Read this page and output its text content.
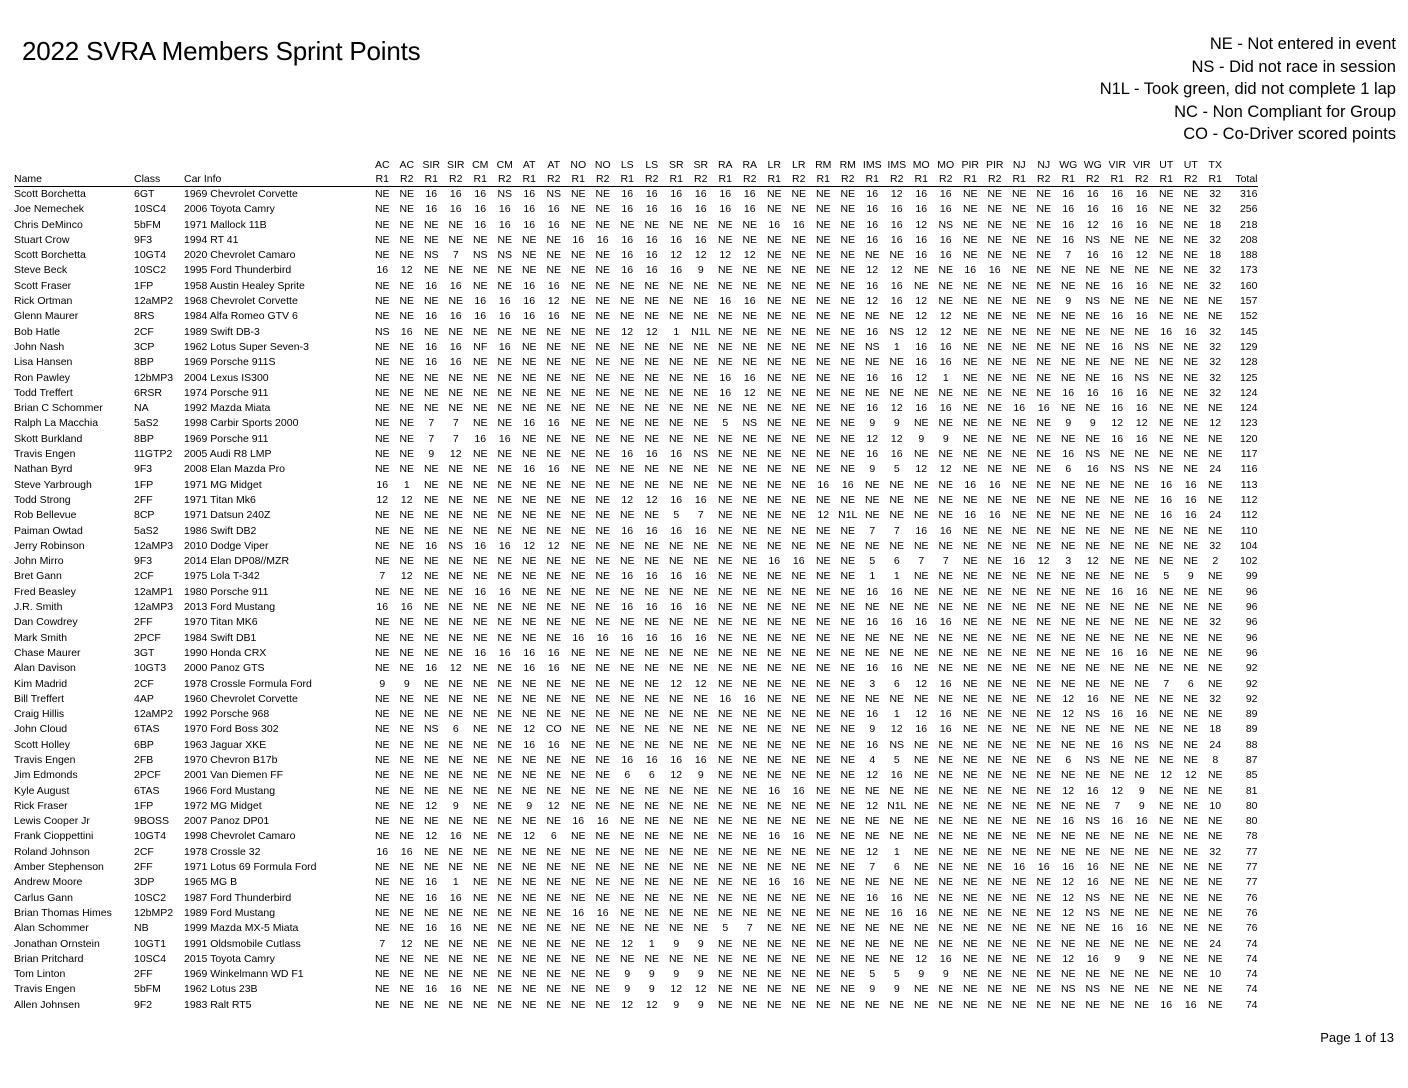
2022 SVRA Members Sprint Points	NE - Not entered in event
NS - Did not race in session
N1L - Took green, did not complete 1 lap
NC - Non Compliant for Group
CO - Co-Driver scored points
			AC	AC	SIR	SIR	CM	CM	AT	AT	NO	NO	LS	LS	SR	SR	RA	RA	LR	LR	RM	RM	IMS	IMS	MO	MO	PIR	PIR	NJ	NJ	WG	WG	VIR	VIR	UT	UT	TX	
Name	Class	Car Info	R1	R2	R1	R2	R1	R2	R1	R2	R1	R2	R1	R2	R1	R2	R1	R2	R1	R2	R1	R2	R1	R2	R1	R2	R1	R2	R1	R2	R1	R2	R1	R2	R1	R2	R1	Total
Scott Borchetta	6GT	1969 Chevrolet Corvette	NE	NE	16	16	16	NS	16	NS	NE	NE	16	16	16	16	16	16	NE	NE	NE	NE	16	12	16	16	NE	NE	NE	NE	16	16	16	16	NE	NE	32	316
Joe Nemechek	10SC4	2006 Toyota Camry	NE	NE	16	16	16	16	16	16	NE	NE	16	16	16	16	16	16	NE	NE	NE	NE	16	16	16	16	NE	NE	NE	NE	16	16	16	16	NE	NE	32	256
Chris DeMinco	5bFM	1971 Mallock 11B	NE	NE	NE	NE	16	16	16	16	NE	NE	NE	NE	NE	NE	NE	NE	16	16	NE	NE	16	16	12	NS	NE	NE	NE	NE	16	12	16	16	NE	NE	18	218
Stuart Crow	9F3	1994 RT 41	NE	NE	NE	NE	NE	NE	NE	NE	16	16	16	16	16	16	NE	NE	NE	NE	NE	NE	16	16	16	16	NE	NE	NE	NE	16	NS	NE	NE	NE	NE	32	208
Scott Borchetta	10GT4	2020 Chevrolet Camaro	NE	NE	NS	7	NS	NS	NE	NE	NE	NE	16	16	12	12	12	12	NE	NE	NE	NE	NE	NE	16	16	NE	NE	NE	NE	7	16	16	12	NE	NE	18	188
Steve Beck	10SC2	1995 Ford Thunderbird	16	12	NE	NE	NE	NE	NE	NE	NE	NE	16	16	16	9	NE	NE	NE	NE	NE	NE	12	12	NE	NE	16	16	NE	NE	NE	NE	NE	NE	NE	NE	32	173
Scott Fraser	1FP	1958 Austin Healey Sprite	NE	NE	16	16	NE	NE	16	16	NE	NE	NE	NE	NE	NE	NE	NE	NE	NE	NE	NE	16	16	NE	NE	NE	NE	NE	NE	NE	NE	16	16	NE	NE	32	160
Rick Ortman	12aMP2	1968 Chevrolet Corvette	NE	NE	NE	NE	16	16	16	12	NE	NE	NE	NE	NE	NE	16	16	NE	NE	NE	NE	12	16	12	NE	NE	NE	NE	NE	9	NS	NE	NE	NE	NE	NE	157
Glenn Maurer	8RS	1984 Alfa Romeo GTV 6	NE	NE	16	16	16	16	16	16	NE	NE	NE	NE	NE	NE	NE	NE	NE	NE	NE	NE	NE	NE	12	12	NE	NE	NE	NE	NE	NE	16	16	NE	NE	NE	152
Bob Hatle	2CF	1989 Swift DB-3	NS	16	NE	NE	NE	NE	NE	NE	NE	NE	12	12	1	N1L	NE	NE	NE	NE	NE	NE	16	NS	12	12	NE	NE	NE	NE	NE	NE	NE	NE	16	16	32	145
John Nash	3CP	1962 Lotus Super Seven-3	NE	NE	16	16	NF	16	NE	NE	NE	NE	NE	NE	NE	NE	NE	NE	NE	NE	NE	NE	NS	1	16	16	NE	NE	NE	NE	NE	NE	16	NS	NE	NE	32	129
Lisa Hansen	8BP	1969 Porsche 911S	NE	NE	16	16	NE	NE	NE	NE	NE	NE	NE	NE	NE	NE	NE	NE	NE	NE	NE	NE	NE	NE	16	16	NE	NE	NE	NE	NE	NE	NE	NE	NE	NE	32	128
Ron Pawley	12bMP3	2004 Lexus IS300	NE	NE	NE	NE	NE	NE	NE	NE	NE	NE	NE	NE	NE	NE	16	16	NE	NE	NE	NE	16	16	12	1	NE	NE	NE	NE	NE	NE	16	NS	NE	NE	32	125
Todd Treffert	6RSR	1974 Porsche 911	NE	NE	NE	NE	NE	NE	NE	NE	NE	NE	NE	NE	NE	NE	16	12	NE	NE	NE	NE	NE	NE	NE	NE	NE	NE	NE	NE	16	16	16	16	NE	NE	32	124
Brian C Schommer	NA	1992 Mazda Miata	NE	NE	NE	NE	NE	NE	NE	NE	NE	NE	NE	NE	NE	NE	NE	NE	NE	NE	NE	NE	16	12	16	16	NE	NE	16	16	NE	NE	16	16	NE	NE	NE	124
Ralph La Macchia	5aS2	1998 Carbir Sports 2000	NE	NE	7	7	NE	NE	16	16	NE	NE	NE	NE	NE	NE	5	NS	NE	NE	NE	NE	9	9	NE	NE	NE	NE	NE	NE	9	9	12	12	NE	NE	12	123
Skott Burkland	8BP	1969 Porsche 911	NE	NE	7	7	16	16	NE	NE	NE	NE	NE	NE	NE	NE	NE	NE	NE	NE	NE	NE	12	12	9	9	NE	NE	NE	NE	NE	NE	16	16	NE	NE	NE	120
Travis Engen	11GTP2	2005 Audi R8 LMP	NE	NE	9	12	NE	NE	NE	NE	NE	NE	16	16	16	NS	NE	NE	NE	NE	NE	NE	16	16	NE	NE	NE	NE	NE	NE	16	NS	NE	NE	NE	NE	NE	117
Nathan Byrd	9F3	2008 Elan Mazda Pro	NE	NE	NE	NE	NE	NE	16	16	NE	NE	NE	NE	NE	NE	NE	NE	NE	NE	NE	NE	9	5	12	12	NE	NE	NE	NE	6	16	NS	NS	NE	NE	24	116
Steve Yarbrough	1FP	1971 MG Midget	16	1	NE	NE	NE	NE	NE	NE	NE	NE	NE	NE	NE	NE	NE	NE	NE	NE	16	16	NE	NE	NE	NE	16	16	NE	NE	NE	NE	NE	NE	16	16	NE	113
Todd Strong	2FF	1971 Titan Mk6	12	12	NE	NE	NE	NE	NE	NE	NE	NE	12	12	16	16	NE	NE	NE	NE	NE	NE	NE	NE	NE	NE	NE	NE	NE	NE	NE	NE	NE	NE	16	16	NE	112
Rob Bellevue	8CP	1971 Datsun 240Z	NE	NE	NE	NE	NE	NE	NE	NE	NE	NE	NE	NE	5	7	NE	NE	NE	NE	12	N1L	NE	NE	NE	NE	16	16	NE	NE	NE	NE	NE	NE	16	16	24	112
Paiman Owtad	5aS2	1986 Swift DB2	NE	NE	NE	NE	NE	NE	NE	NE	NE	NE	16	16	16	16	NE	NE	NE	NE	NE	NE	7	7	16	16	NE	NE	NE	NE	NE	NE	NE	NE	NE	NE	NE	110
Jerry Robinson	12aMP3	2010 Dodge Viper	NE	NE	16	NS	16	16	12	12	NE	NE	NE	NE	NE	NE	NE	NE	NE	NE	NE	NE	NE	NE	NE	NE	NE	NE	NE	NE	NE	NE	NE	NE	NE	NE	32	104
John Mirro	9F3	2014 Elan DP08//MZR	NE	NE	NE	NE	NE	NE	NE	NE	NE	NE	NE	NE	NE	NE	NE	NE	16	16	NE	NE	5	6	7	7	NE	NE	16	12	3	12	NE	NE	NE	NE	2	102
Bret Gann	2CF	1975 Lola T-342	7	12	NE	NE	NE	NE	NE	NE	NE	NE	16	16	16	16	NE	NE	NE	NE	NE	NE	1	1	NE	NE	NE	NE	NE	NE	NE	NE	NE	NE	5	9	NE	99
Fred Beasley	12aMP1	1980 Porsche 911	NE	NE	NE	NE	16	16	NE	NE	NE	NE	NE	NE	NE	NE	NE	NE	NE	NE	NE	NE	16	16	NE	NE	NE	NE	NE	NE	NE	NE	16	16	NE	NE	NE	96
J.R. Smith	12aMP3	2013 Ford Mustang	16	16	NE	NE	NE	NE	NE	NE	NE	NE	16	16	16	16	NE	NE	NE	NE	NE	NE	NE	NE	NE	NE	NE	NE	NE	NE	NE	NE	NE	NE	NE	NE	NE	96
Dan Cowdrey	2FF	1970 Titan MK6	NE	NE	NE	NE	NE	NE	NE	NE	NE	NE	NE	NE	NE	NE	NE	NE	NE	NE	NE	NE	16	16	16	16	NE	NE	NE	NE	NE	NE	NE	NE	NE	NE	32	96
Mark Smith	2PCF	1984 Swift DB1	NE	NE	NE	NE	NE	NE	NE	NE	16	16	16	16	16	16	NE	NE	NE	NE	NE	NE	NE	NE	NE	NE	NE	NE	NE	NE	NE	NE	NE	NE	NE	NE	NE	96
Chase Maurer	3GT	1990 Honda CRX	NE	NE	NE	NE	16	16	16	16	NE	NE	NE	NE	NE	NE	NE	NE	NE	NE	NE	NE	NE	NE	NE	NE	NE	NE	NE	NE	NE	NE	16	16	NE	NE	NE	96
Alan Davison	10GT3	2000 Panoz GTS	NE	NE	16	12	NE	NE	16	16	NE	NE	NE	NE	NE	NE	NE	NE	NE	NE	NE	NE	16	16	NE	NE	NE	NE	NE	NE	NE	NE	NE	NE	NE	NE	NE	92
Kim Madrid	2CF	1978 Crossle Formula Ford	9	9	NE	NE	NE	NE	NE	NE	NE	NE	NE	NE	12	12	NE	NE	NE	NE	NE	NE	3	6	12	16	NE	NE	NE	NE	NE	NE	NE	NE	7	6	NE	92
Bill Treffert	4AP	1960 Chevrolet Corvette	NE	NE	NE	NE	NE	NE	NE	NE	NE	NE	NE	NE	NE	NE	16	16	NE	NE	NE	NE	NE	NE	NE	NE	NE	NE	NE	NE	12	16	NE	NE	NE	NE	32	92
Craig Hillis	12aMP2	1992 Porsche 968	NE	NE	NE	NE	NE	NE	NE	NE	NE	NE	NE	NE	NE	NE	NE	NE	NE	NE	NE	NE	16	1	12	16	NE	NE	NE	NE	12	NS	16	16	NE	NE	NE	89
John Cloud	6TAS	1970 Ford Boss 302	NE	NE	NS	6	NE	NE	12	CO	NE	NE	NE	NE	NE	NE	NE	NE	NE	NE	NE	NE	9	12	16	16	NE	NE	NE	NE	NE	NE	NE	NE	NE	NE	18	89
Scott Holley	6BP	1963 Jaguar XKE	NE	NE	NE	NE	NE	NE	16	16	NE	NE	NE	NE	NE	NE	NE	NE	NE	NE	NE	NE	16	NS	NE	NE	NE	NE	NE	NE	NE	NE	16	NS	NE	NE	24	88
Travis Engen	2FB	1970 Chevron B17b	NE	NE	NE	NE	NE	NE	NE	NE	NE	NE	16	16	16	16	NE	NE	NE	NE	NE	NE	4	5	NE	NE	NE	NE	NE	NE	6	NS	NE	NE	NE	NE	8	87
Jim Edmonds	2PCF	2001 Van Diemen FF	NE	NE	NE	NE	NE	NE	NE	NE	NE	NE	6	6	12	9	NE	NE	NE	NE	NE	NE	12	16	NE	NE	NE	NE	NE	NE	NE	NE	NE	NE	12	12	NE	85
Kyle August	6TAS	1966 Ford Mustang	NE	NE	NE	NE	NE	NE	NE	NE	NE	NE	NE	NE	NE	NE	NE	NE	16	16	NE	NE	NE	NE	NE	NE	NE	NE	NE	NE	12	16	12	9	NE	NE	NE	81
Rick Fraser	1FP	1972 MG Midget	NE	NE	12	9	NE	NE	9	12	NE	NE	NE	NE	NE	NE	NE	NE	NE	NE	NE	NE	12	N1L	NE	NE	NE	NE	NE	NE	NE	NE	7	9	NE	NE	10	80
Lewis Cooper Jr	9BOSS	2007 Panoz DP01	NE	NE	NE	NE	NE	NE	NE	NE	16	16	NE	NE	NE	NE	NE	NE	NE	NE	NE	NE	NE	NE	NE	NE	NE	NE	NE	NE	16	NS	16	16	NE	NE	NE	80
Frank Cioppettini	10GT4	1998 Chevrolet Camaro	NE	NE	12	16	NE	NE	12	6	NE	NE	NE	NE	NE	NE	NE	NE	16	16	NE	NE	NE	NE	NE	NE	NE	NE	NE	NE	NE	NE	NE	NE	NE	NE	NE	78
Roland Johnson	2CF	1978 Crossle 32	16	16	NE	NE	NE	NE	NE	NE	NE	NE	NE	NE	NE	NE	NE	NE	NE	NE	NE	NE	12	1	NE	NE	NE	NE	NE	NE	NE	NE	NE	NE	NE	NE	32	77
Amber Stephenson	2FF	1971 Lotus 69 Formula Ford	NE	NE	NE	NE	NE	NE	NE	NE	NE	NE	NE	NE	NE	NE	NE	NE	NE	NE	NE	NE	7	6	NE	NE	NE	NE	16	16	16	16	NE	NE	NE	NE	NE	77
Andrew Moore	3DP	1965 MG B	NE	NE	16	1	NE	NE	NE	NE	NE	NE	NE	NE	NE	NE	NE	NE	16	16	NE	NE	NE	NE	NE	NE	NE	NE	NE	NE	12	16	NE	NE	NE	NE	NE	77
Carlus Gann	10SC2	1987 Ford Thunderbird	NE	NE	16	16	NE	NE	NE	NE	NE	NE	NE	NE	NE	NE	NE	NE	NE	NE	NE	NE	16	16	NE	NE	NE	NE	NE	NE	12	NS	NE	NE	NE	NE	NE	76
Brian Thomas Himes	12bMP2	1989 Ford Mustang	NE	NE	NE	NE	NE	NE	NE	NE	16	16	NE	NE	NE	NE	NE	NE	NE	NE	NE	NE	NE	16	16	NE	NE	NE	NE	NE	12	NS	NE	NE	NE	NE	NE	76
Alan Schommer	NB	1999 Mazda MX-5 Miata	NE	NE	16	16	NE	NE	NE	NE	NE	NE	NE	NE	NE	NE	5	7	NE	NE	NE	NE	NE	NE	NE	NE	NE	NE	NE	NE	NE	NE	16	16	NE	NE	NE	76
Jonathan Ornstein	10GT1	1991 Oldsmobile Cutlass	7	12	NE	NE	NE	NE	NE	NE	NE	NE	12	1	9	9	NE	NE	NE	NE	NE	NE	NE	NE	NE	NE	NE	NE	NE	NE	NE	NE	NE	NE	NE	NE	24	74
Brian Pritchard	10SC4	2015 Toyota Camry	NE	NE	NE	NE	NE	NE	NE	NE	NE	NE	NE	NE	NE	NE	NE	NE	NE	NE	NE	NE	NE	NE	12	16	NE	NE	NE	NE	12	16	9	9	NE	NE	NE	74
Tom Linton	2FF	1969 Winkelmann WD F1	NE	NE	NE	NE	NE	NE	NE	NE	NE	NE	9	9	9	9	NE	NE	NE	NE	NE	NE	5	5	9	9	NE	NE	NE	NE	NE	NE	NE	NE	NE	NE	10	74
Travis Engen	5bFM	1962 Lotus 23B	NE	NE	16	16	NE	NE	NE	NE	NE	NE	9	9	12	12	NE	NE	NE	NE	NE	NE	9	9	NE	NE	NE	NE	NE	NE	NS	NS	NE	NE	NE	NE	NE	74
Allen Johnsen	9F2	1983 Ralt RT5	NE	NE	NE	NE	NE	NE	NE	NE	NE	NE	12	12	9	9	NE	NE	NE	NE	NE	NE	NE	NE	NE	NE	NE	NE	NE	NE	NE	NE	NE	NE	16	16	NE	74
Page 1 of 13
